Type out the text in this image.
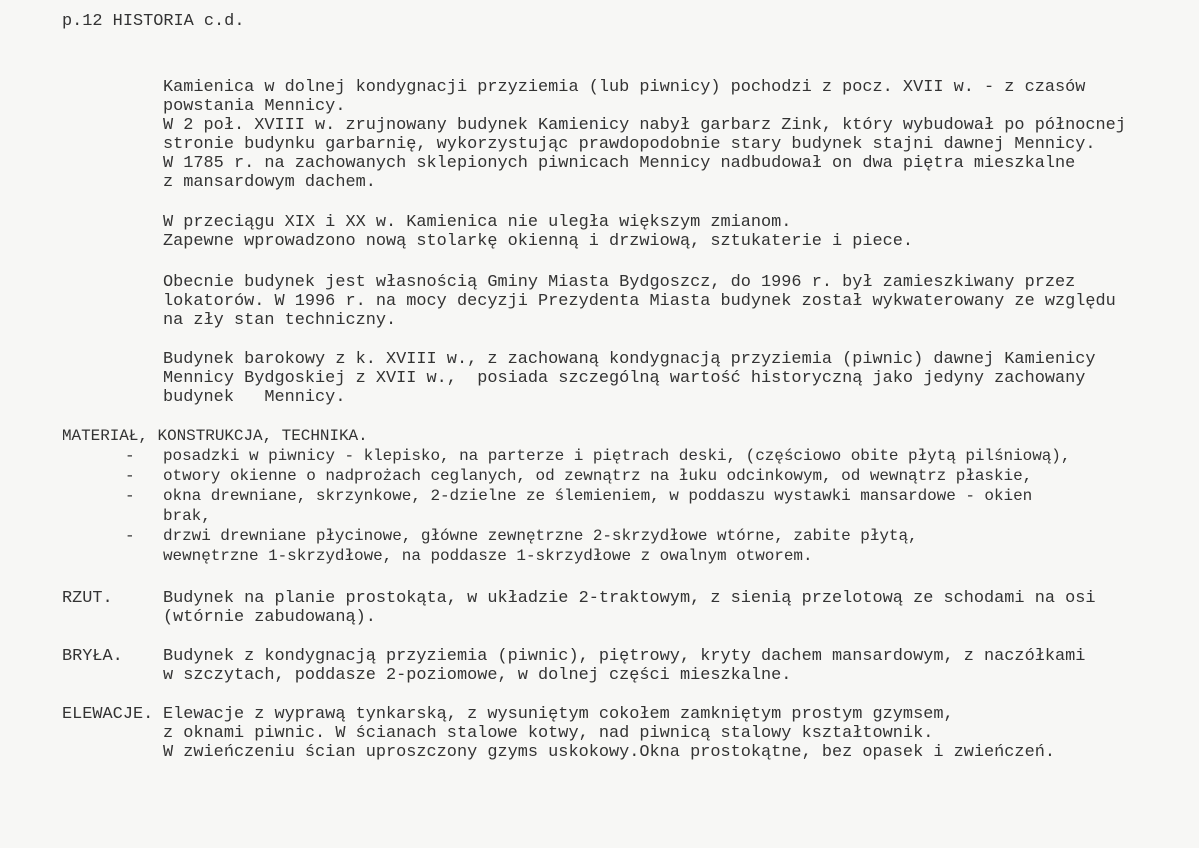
p.12 HISTORIA c.d.
Kamienica w dolnej kondygnacji przyziemia (lub piwnicy) pochodzi z pocz. XVII w. - z czasów
powstania Mennicy.
W 2 poł. XVIII w. zrujnowany budynek Kamienicy nabył garbarz Zink, który wybudował po północnej
stronie budynku garbarnię, wykorzystując prawdopodobnie stary budynek stajni dawnej Mennicy.
W 1785 r. na zachowanych sklepionych piwnicach Mennicy nadbudował on dwa piętra mieszkalne
z mansardowym dachem.
W przeciągu XIX i XX w. Kamienica nie uległa większym zmianom.
Zapewne wprowadzono nową stolarkę okienną i drzwiową, sztukaterie i piece.
Obecnie budynek jest własnością Gminy Miasta Bydgoszcz, do 1996 r. był zamieszkiwany przez
lokatorów. W 1996 r. na mocy decyzji Prezydenta Miasta budynek został wykwaterowany ze względu
na zły stan techniczny.
Budynek barokowy z k. XVIII w., z zachowaną kondygnacją przyziemia (piwnic) dawnej Kamienicy
Mennicy Bydgoskiej z XVII w.,  posiada szczególną wartość historyczną jako jedyny zachowany
budynek   Mennicy.
MATERIAŁ, KONSTRUKCJA, TECHNIKA.
- posadzki w piwnicy - klepisko, na parterze i piętrach deski, (częściowo obite płytą pilśniową),
- otwory okienne o nadprożach ceglanych, od zewnątrz na łuku odcinkowym, od wewnątrz płaskie,
- okna drewniane, skrzynkowe, 2-dzielne ze ślemieniem, w poddaszu wystawki mansardowe - okien
brak,
- drzwi drewniane płycinowe, główne zewnętrzne 2-skrzydłowe wtórne, zabite płytą,
wewnętrzne 1-skrzydłowe, na poddasze 1-skrzydłowe z owalnym otworem.
RZUT.	Budynek na planie prostokąta, w układzie 2-traktowym, z sienią przelotową ze schodami na osi
(wtórnie zabudowaną).
BRYŁA. Budynek z kondygnacją przyziemia (piwnic), piętrowy, kryty dachem mansardowym, z naczółkami
w szczytach, poddasze 2-poziomowe, w dolnej części mieszkalne.
ELEWACJE. Elewacje z wyprawą tynkarską, z wysuniętym cokołem zamkniętym prostym gzymsem,
z oknami piwnic. W ścianach stalowe kotwy, nad piwnicą stalowy kształtownik.
W zwieńczeniu ścian uproszczony gzyms uskokowy.Okna prostokątne, bez opasek i zwieńczeń.
